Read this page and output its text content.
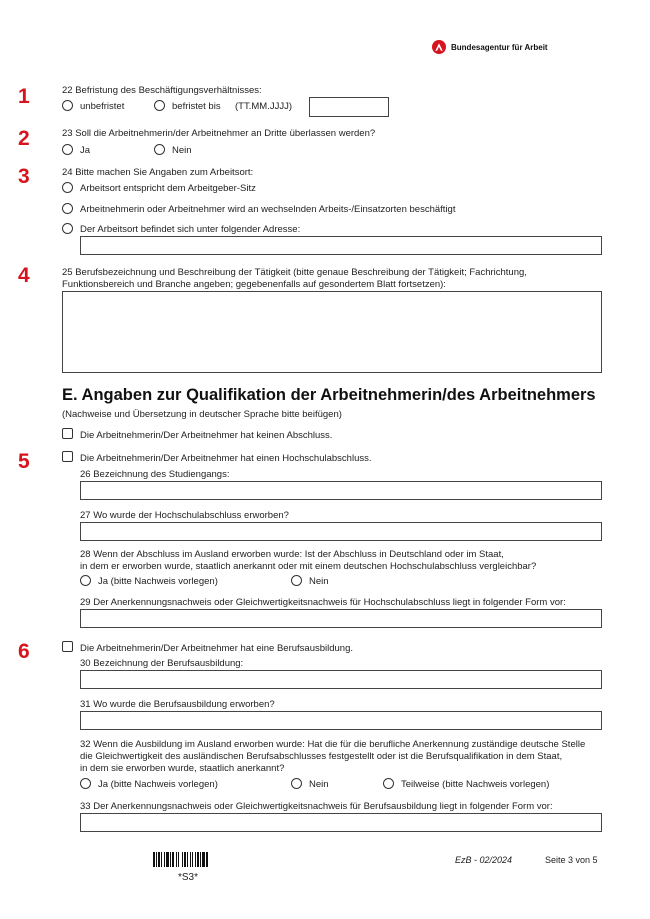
Bundesagentur für Arbeit
1
2
3
4
5
6
22 Befristung des Beschäftigungsverhältnisses:
unbefristet	befristet bis (TT.MM.JJJJ)
23 Soll die Arbeitnehmerin/der Arbeitnehmer an Dritte überlassen werden?
Ja	Nein
24 Bitte machen Sie Angaben zum Arbeitsort:
Arbeitsort entspricht dem Arbeitgeber-Sitz
Arbeitnehmerin oder Arbeitnehmer wird an wechselnden Arbeits-/Einsatzorten beschäftigt
Der Arbeitsort befindet sich unter folgender Adresse:
25 Berufsbezeichnung und Beschreibung der Tätigkeit (bitte genaue Beschreibung der Tätigkeit; Fachrichtung,
Funktionsbereich und Branche angeben; gegebenenfalls auf gesondertem Blatt fortsetzen):
E. Angaben zur Qualifikation der Arbeitnehmerin/des Arbeitnehmers
(Nachweise und Übersetzung in deutscher Sprache bitte beifügen)
Die Arbeitnehmerin/Der Arbeitnehmer hat keinen Abschluss.
Die Arbeitnehmerin/Der Arbeitnehmer hat einen Hochschulabschluss.
26 Bezeichnung des Studiengangs:
27 Wo wurde der Hochschulabschluss erworben?
28 Wenn der Abschluss im Ausland erworben wurde: Ist der Abschluss in Deutschland oder im Staat,
in dem er erworben wurde, staatlich anerkannt oder mit einem deutschen Hochschulabschluss vergleichbar?
Ja (bitte Nachweis vorlegen)	Nein
29 Der Anerkennungsnachweis oder Gleichwertigkeitsnachweis für Hochschulabschluss liegt in folgender Form vor:
Die Arbeitnehmerin/Der Arbeitnehmer hat eine Berufsausbildung.
30 Bezeichnung der Berufsausbildung:
31 Wo wurde die Berufsausbildung erworben?
32 Wenn die Ausbildung im Ausland erworben wurde: Hat die für die berufliche Anerkennung zuständige deutsche Stelle
die Gleichwertigkeit des ausländischen Berufsabschlusses festgestellt oder ist die Berufsqualifikation in dem Staat,
in dem sie erworben wurde, staatlich anerkannt?
Ja (bitte Nachweis vorlegen)	Nein	Teilweise (bitte Nachweis vorlegen)
33 Der Anerkennungsnachweis oder Gleichwertigkeitsnachweis für Berufsausbildung liegt in folgender Form vor:
*S3*
EzB - 02/2024	Seite 3 von 5
